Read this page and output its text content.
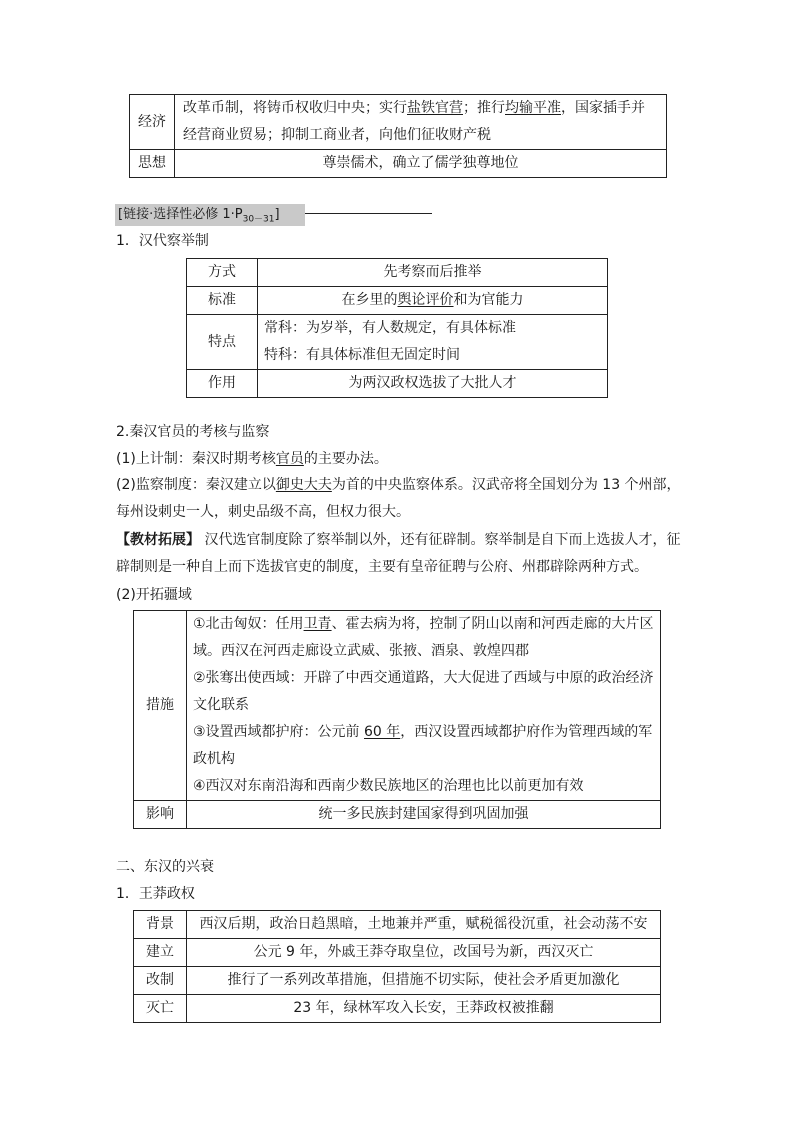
经济	改革币制，将铸币权收归中央；实行盐铁官营；推行均输平准，国家插手并经营商业贸易；抑制工商业者，向他们征收财产税
思想	尊崇儒术，确立了儒学独尊地位
[链接·选择性必修 $1\cdot P_{30-31}$]
1．汉代察举制
方式	先考察而后推举
标准	在乡里的舆论评价和为官能力
特点	常科：为岁举，有人数规定，有具体标准
特科：有具体标准但无固定时间

作用	为两汉政权选拔了大批人才
2.秦汉官员的考核与监察
(1)上计制：秦汉时期考核官员的主要办法。
(2)监察制度：秦汉建立以御史大夫为首的中央监察体系。汉武帝将全国划分为 13 个州部，每州设刺史一人，刺史品级不高，但权力很大。
【教材拓展】 汉代选官制度除了察举制以外，还有征辟制。察举制是自下而上选拔人才，征辟制则是一种自上而下选拔官吏的制度，主要有皇帝征聘与公府、州郡辟除两种方式。
(2)开拓疆域
措施	①北击匈奴：任用卫青、霍去病为将，控制了阴山以南和河西走廊的大片区域。西汉在河西走廊设立武威、张掖、酒泉、敦煌四郡
②张骞出使西域：开辟了中西交通道路，大大促进了西域与中原的政治经济文化联系
③设置西域都护府：公元前 60 年，西汉设置西域都护府作为管理西域的军政机构
④西汉对东南沿海和西南少数民族地区的治理也比以前更加有效

影响	统一多民族封建国家得到巩固加强
二、东汉的兴衰
1．王莽政权
背景	西汉后期，政治日趋黑暗，土地兼并严重，赋税徭役沉重，社会动荡不安
建立	公元 9 年，外戚王莽夺取皇位，改国号为新，西汉灭亡
改制	推行了一系列改革措施，但措施不切实际，使社会矛盾更加激化
灭亡	23 年，绿林军攻入长安，王莽政权被推翻
